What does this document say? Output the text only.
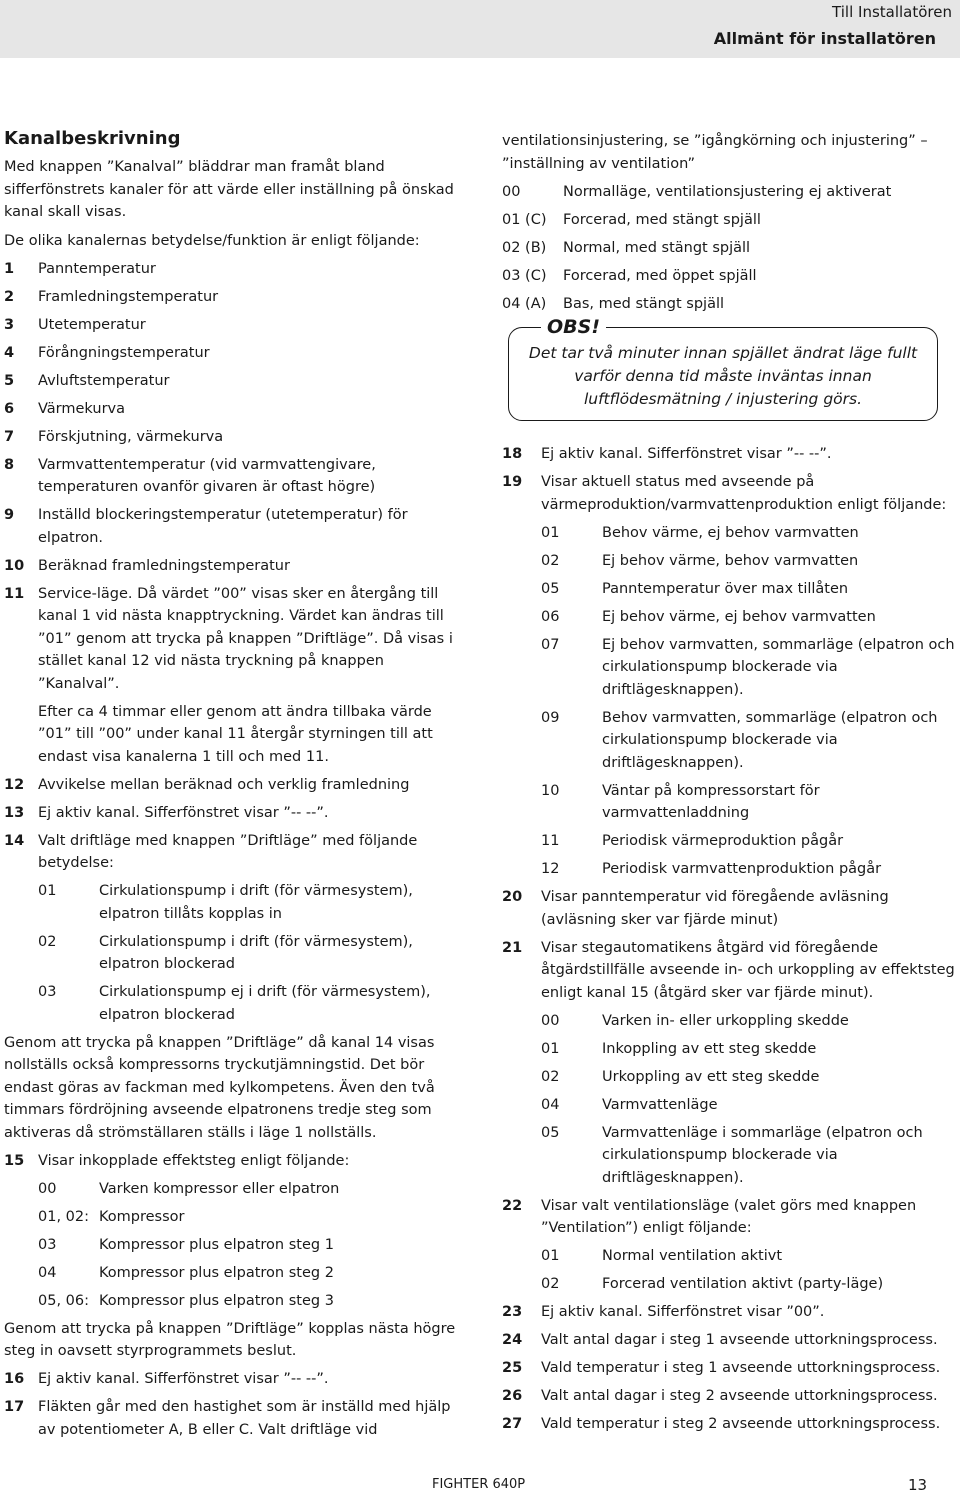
Till Installatören
Allmänt för installatören
Kanalbeskrivning

Med knappen ”Kanalval” bläddrar man framåt bland sifferfönstrets kanaler för att värde eller inställning på önskad kanal skall visas.

De olika kanalernas betydelse/funktion är enligt följande:

1 Panntemperatur
2 Framledningstemperatur
3 Utetemperatur
4 Förångningstemperatur
5 Avluftstemperatur
6 Värmekurva
7 Förskjutning, värmekurva
8 Varmvattentemperatur (vid varmvattengivare, temperaturen ovanför givaren är oftast högre)
9 Inställd blockeringstemperatur (utetemperatur) för elpatron.
10 Beräknad framledningstemperatur
11 Service-läge. Då värdet ”00” visas sker en återgång till kanal 1 vid nästa knapptryckning. Värdet kan ändras till ”01” genom att trycka på knappen ”Driftläge”. Då visas i stället kanal 12 vid nästa tryckning på knappen ”Kanalval”.

Efter ca 4 timmar eller genom att ändra tillbaka värde ”01” till ”00” under kanal 11 återgår styrningen till att endast visa kanalerna 1 till och med 11.

12 Avvikelse mellan beräknad och verklig framledning
13 Ej aktiv kanal. Sifferfönstret visar ”-- --”.
14 Valt driftläge med knappen ”Driftläge” med följande betydelse:
01	Cirkulationspump i drift (för värmesystem), elpatron tillåts kopplas in
02	Cirkulationspump i drift (för värmesystem), elpatron blockerad
03	Cirkulationspump ej i drift (för värmesystem), elpatron blockerad

Genom att trycka på knappen ”Driftläge” då kanal 14 visas nollställs också kompressorns tryckutjämningstid. Det bör endast göras av fackman med kylkompetens. Även den två timmars fördröjning avseende elpatronens tredje steg som aktiveras då strömställaren ställs i läge 1 nollställs.

15 Visar inkopplade effektsteg enligt följande:
00	Varken kompressor eller elpatron
01, 02: Kompressor
03	Kompressor plus elpatron steg 1
04	Kompressor plus elpatron steg 2
05, 06: Kompressor plus elpatron steg 3

Genom att trycka på knappen ”Driftläge” kopplas nästa högre steg in oavsett styrprogrammets beslut.

16 Ej aktiv kanal. Sifferfönstret visar ”-- --”.
17 Fläkten går med den hastighet som är inställd med hjälp av potentiometer A, B eller C. Valt driftläge vid

ventilationsinjustering, se ”igångkörning och injustering” – ”inställning av ventilation”

00	Normalläge, ventilationsjustering ej aktiverat
01 (C) Forcerad, med stängt spjäll
02 (B) Normal, med stängt spjäll
03 (C) Forcerad, med öppet spjäll
04 (A) Bas, med stängt spjäll
OBS!
Det tar två minuter innan spjället ändrat läge fullt varför denna tid måste inväntas innan luftflödesmätning / injustering görs.
18 Ej aktiv kanal. Sifferfönstret visar ”-- --”.
19 Visar aktuell status med avseende på värmeproduktion/varmvattenproduktion enligt följande:
01	Behov värme, ej behov varmvatten
02	Ej behov värme, behov varmvatten
05	Panntemperatur över max tillåten
06	Ej behov värme, ej behov varmvatten
07	Ej behov varmvatten, sommarläge (elpatron och cirkulationspump blockerade via driftlägesknappen).
09	Behov varmvatten, sommarläge (elpatron och cirkulationspump blockerade via driftlägesknappen).
10	Väntar på kompressorstart för varmvattenladdning
11	Periodisk värmeproduktion pågår
12	Periodisk varmvattenproduktion pågår
20 Visar panntemperatur vid föregående avläsning (avläsning sker var fjärde minut)
21 Visar stegautomatikens åtgärd vid föregående åtgärdstillfälle avseende in- och urkoppling av effektsteg enligt kanal 15 (åtgärd sker var fjärde minut).
00	Varken in- eller urkoppling skedde
01	Inkoppling av ett steg skedde
02	Urkoppling av ett steg skedde
04	Varmvattenläge
05	Varmvattenläge i sommarläge (elpatron och cirkulationspump blockerade via driftlägesknappen).
22 Visar valt ventilationsläge (valet görs med knappen ”Ventilation”) enligt följande:
01	Normal ventilation aktivt
02	Forcerad ventilation aktivt (party-läge)
23 Ej aktiv kanal. Sifferfönstret visar ”00”.
24 Valt antal dagar i steg 1 avseende uttorkningsprocess.
25 Vald temperatur i steg 1 avseende uttorkningsprocess.
26 Valt antal dagar i steg 2 avseende uttorkningsprocess.
27 Vald temperatur i steg 2 avseende uttorkningsprocess.
FIGHTER 640P	13
